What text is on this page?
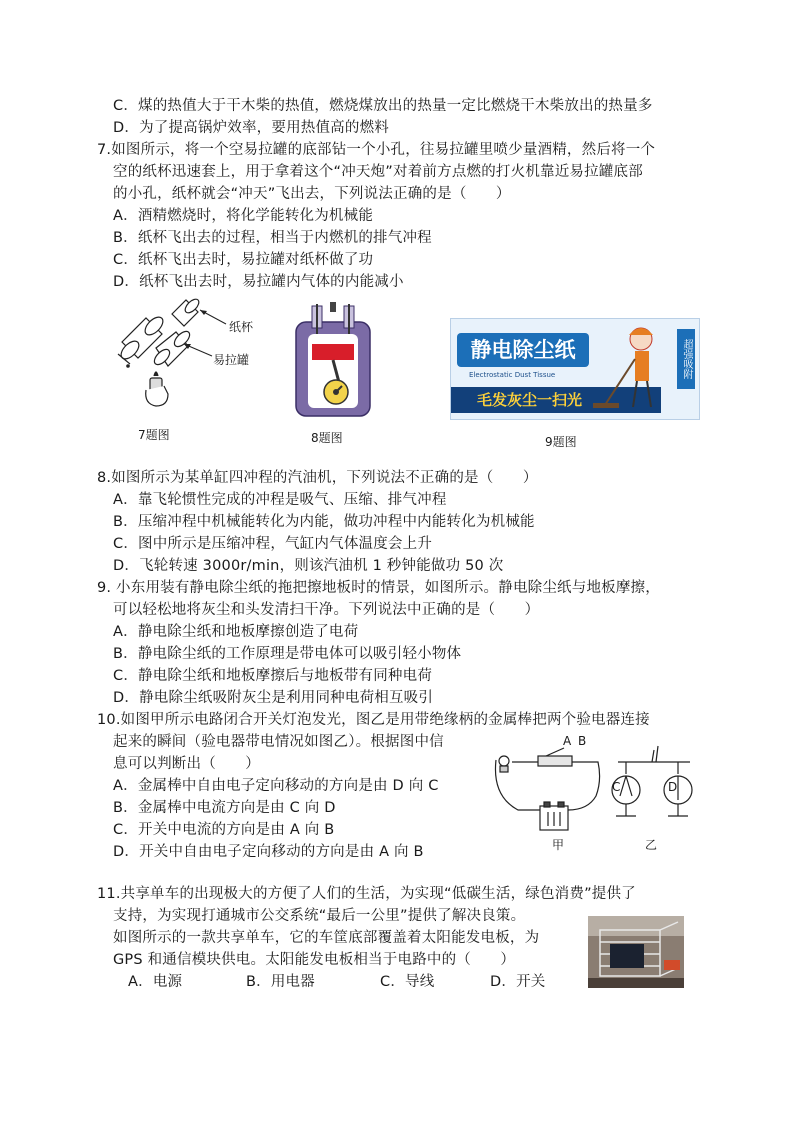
C．煤的热值大于干木柴的热值，燃烧煤放出的热量一定比燃烧干木柴放出的热量多
D．为了提高锅炉效率，要用热值高的燃料
7.如图所示，将一个空易拉罐的底部钻一个小孔，往易拉罐里喷少量酒精，然后将一个
空的纸杯迅速套上，用于拿着这个“冲天炮”对着前方点燃的打火机靠近易拉罐底部
的小孔，纸杯就会“冲天”飞出去，下列说法正确的是（　　）
A．酒精燃烧时，将化学能转化为机械能
B．纸杯飞出去的过程，相当于内燃机的排气冲程
C．纸杯飞出去时，易拉罐对纸杯做了功
D．纸杯飞出去时，易拉罐内气体的内能减小
纸杯
易拉罐
7题图	8题图
静电除尘纸
Electrostatic Dust Tissue
毛发灰尘一扫光
超强吸附
9题图
8.如图所示为某单缸四冲程的汽油机，下列说法不正确的是（　　）
A．靠飞轮惯性完成的冲程是吸气、压缩、排气冲程
B．压缩冲程中机械能转化为内能，做功冲程中内能转化为机械能
C．图中所示是压缩冲程，气缸内气体温度会上升
D．飞轮转速 3000r/min，则该汽油机 1 秒钟能做功 50 次
9. 小东用装有静电除尘纸的拖把擦地板时的情景，如图所示。静电除尘纸与地板摩擦，
可以轻松地将灰尘和头发清扫干净。下列说法中正确的是（　　）
A．静电除尘纸和地板摩擦创造了电荷
B．静电除尘纸的工作原理是带电体可以吸引轻小物体
C．静电除尘纸和地板摩擦后与地板带有同种电荷
D．静电除尘纸吸附灰尘是利用同种电荷相互吸引
10.如图甲所示电路闭合开关灯泡发光，图乙是用带绝缘柄的金属棒把两个验电器连接
起来的瞬间（验电器带电情况如图乙）。根据图中信
息可以判断出（　　）
A．金属棒中自由电子定向移动的方向是由 D 向 C
B．金属棒中电流方向是由 C 向 D
C．开关中电流的方向是由 A 向 B
D．开关中自由电子定向移动的方向是由 A 向 B
A B
甲
C	D
乙
11.共享单车的出现极大的方便了人们的生活，为实现“低碳生活，绿色消费”提供了
支持，为实现打通城市公交系统“最后一公里”提供了解决良策。
如图所示的一款共享单车，它的车筐底部覆盖着太阳能发电板，为
GPS 和通信模块供电。太阳能发电板相当于电路中的（　　）
A．电源	B．用电器	C．导线	D．开关
